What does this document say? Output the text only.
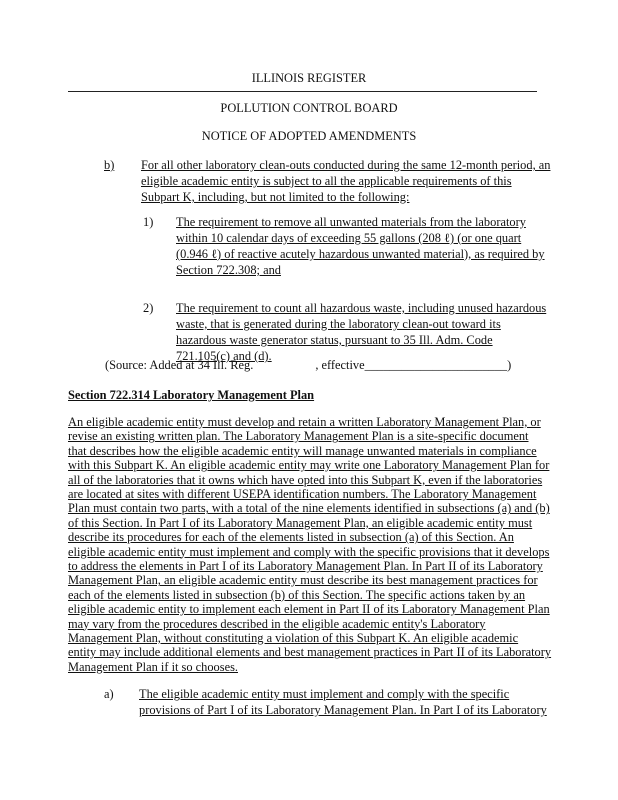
ILLINOIS REGISTER
POLLUTION CONTROL BOARD
NOTICE OF ADOPTED AMENDMENTS
b) For all other laboratory clean-outs conducted during the same 12-month period, an
eligible academic entity is subject to all the applicable requirements of this
Subpart K, including, but not limited to the following:
1) The requirement to remove all unwanted materials from the laboratory
within 10 calendar days of exceeding 55 gallons (208 ℓ) (or one quart
(0.946 ℓ) of reactive acutely hazardous unwanted material), as required by
Section 722.308; and
2) The requirement to count all hazardous waste, including unused hazardous
waste, that is generated during the laboratory clean-out toward its
hazardous waste generator status, pursuant to 35 Ill. Adm. Code
721.105(c) and (d).
(Source: Added at 34 Ill. Reg.	, effective_______________________)
Section 722.314 Laboratory Management Plan
An eligible academic entity must develop and retain a written Laboratory Management Plan, or
revise an existing written plan. The Laboratory Management Plan is a site-specific document
that describes how the eligible academic entity will manage unwanted materials in compliance
with this Subpart K. An eligible academic entity may write one Laboratory Management Plan for
all of the laboratories that it owns which have opted into this Subpart K, even if the laboratories
are located at sites with different USEPA identification numbers. The Laboratory Management
Plan must contain two parts, with a total of the nine elements identified in subsections (a) and (b)
of this Section. In Part I of its Laboratory Management Plan, an eligible academic entity must
describe its procedures for each of the elements listed in subsection (a) of this Section. An
eligible academic entity must implement and comply with the specific provisions that it develops
to address the elements in Part I of its Laboratory Management Plan. In Part II of its Laboratory
Management Plan, an eligible academic entity must describe its best management practices for
each of the elements listed in subsection (b) of this Section. The specific actions taken by an
eligible academic entity to implement each element in Part II of its Laboratory Management Plan
may vary from the procedures described in the eligible academic entity's Laboratory
Management Plan, without constituting a violation of this Subpart K. An eligible academic
entity may include additional elements and best management practices in Part II of its Laboratory
Management Plan if it so chooses.
a) The eligible academic entity must implement and comply with the specific
provisions of Part I of its Laboratory Management Plan. In Part I of its Laboratory
